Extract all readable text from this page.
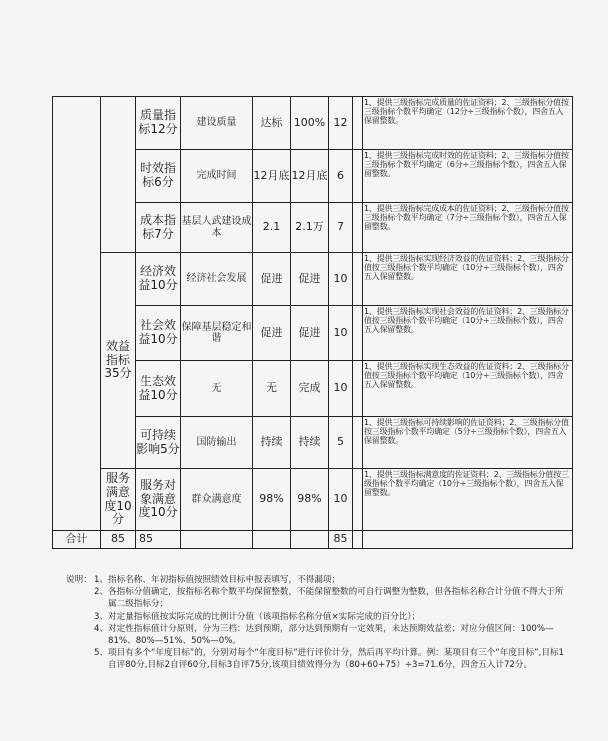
		质量指标12分	建设质量	达标	100%	12		1、提供三级指标完成质量的佐证资料；2、三级指标分值按三级指标个数平均确定（12分÷三级指标个数），四舍五入保留整数。
		时效指标6分	完成时间	12月底	12月底	6		1、提供三级指标完成时效的佐证资料；2、三级指标分值按三级指标个数平均确定（6分÷三级指标个数），四舍五入保留整数。
		成本指标7分	基层人武建设成本	2.1	2.1万	7		1、提供三级指标完成成本的佐证资料；2、三级指标分值按三级指标个数平均确定（7分÷三级指标个数），四舍五入保留整数。
	效益指标35分	经济效益10分	经济社会发展	促进	促进	10		1、提供三级指标实现经济效益的佐证资料；2、三级指标分值按三级指标个数平均确定（10分÷三级指标个数），四舍五入保留整数。
		社会效益10分	保障基层稳定和谐	促进	促进	10		1、提供三级指标实现社会效益的佐证资料；2、三级指标分值按三级指标个数平均确定（10分÷三级指标个数），四舍五入保留整数。
		生态效益10分	无	无	完成	10		1、提供三级指标实现生态效益的佐证资料；2、三级指标分值按三级指标个数平均确定（10分÷三级指标个数），四舍五入保留整数。
		可持续影响5分	国防输出	持续	持续	5		1、提供三级指标可持续影响的佐证资料；2、三级指标分值按三级指标个数平均确定（5分÷三级指标个数），四舍五入保留整数。
	服务满意度10分	服务对象满意度10分	群众满意度	98%	98%	10		1、提供三级指标满意度的佐证资料；2、三级指标分值按三级指标个数平均确定（10分÷三级指标个数），四舍五入保留整数。
合计	85	85				85		
说明： 1、 指标名称、年初指标值按照绩效目标申报表填写，不得漏项；
2、 各指标分值确定，按指标名称个数平均保留整数，不能保留整数的可自行调整为整数，但各指标名称合计分值不得大于所属二级指标分；
3、 对定量指标值按实际完成的比例计分值（该项指标名称分值×实际完成的百分比）；
4、 对定性指标值计分原则，分为三档：达到预期，部分达到预期有一定效果，未达预期效益差；对应分值区间：100%—81%、80%—51%、50%—0%。
5、 项目有多个“年度目标”的，分别对每个“年度目标”进行评价计分，然后再平均计算。例：某项目有三个“年度目标”,目标1自评80分,目标2自评60分,目标3自评75分,该项目绩效得分为（80+60+75）÷3=71.6分，四舍五入计72分。
